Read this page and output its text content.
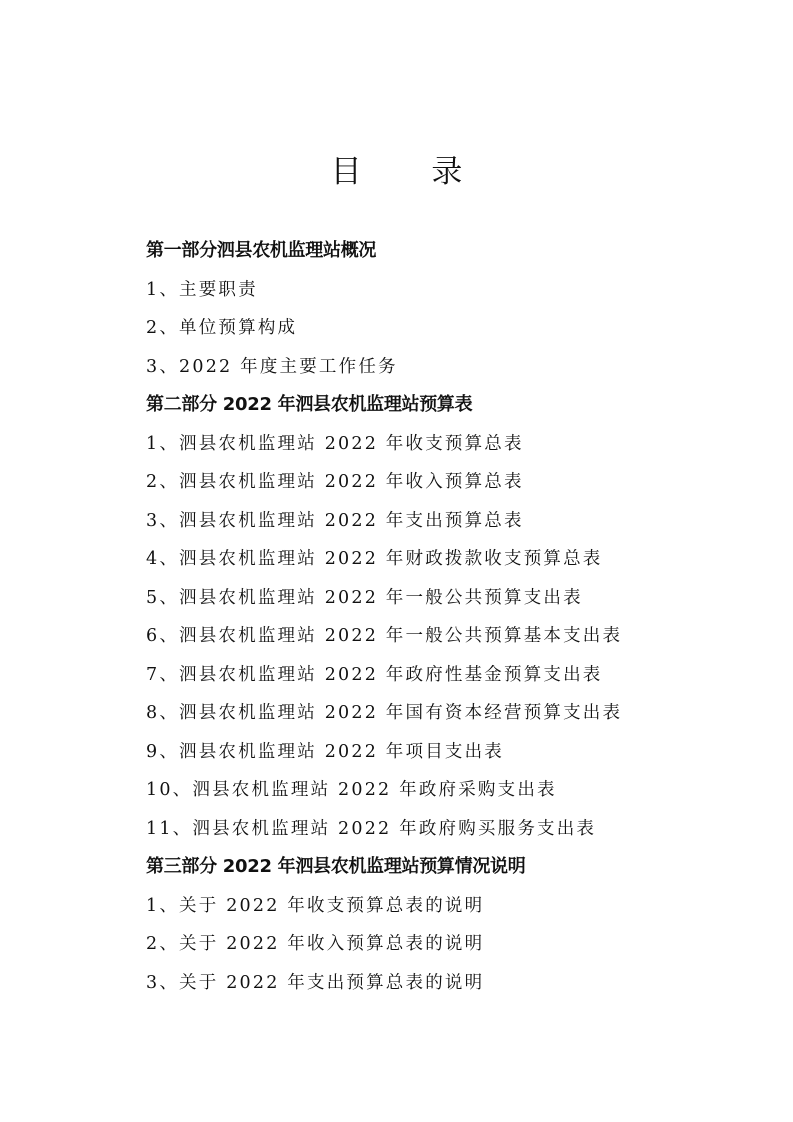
目 录
第一部分泗县农机监理站概况
1、主要职责
2、单位预算构成
3、2022 年度主要工作任务
第二部分 2022 年泗县农机监理站预算表
1、泗县农机监理站 2022 年收支预算总表
2、泗县农机监理站 2022 年收入预算总表
3、泗县农机监理站 2022 年支出预算总表
4、泗县农机监理站 2022 年财政拨款收支预算总表
5、泗县农机监理站 2022 年一般公共预算支出表
6、泗县农机监理站 2022 年一般公共预算基本支出表
7、泗县农机监理站 2022 年政府性基金预算支出表
8、泗县农机监理站 2022 年国有资本经营预算支出表
9、泗县农机监理站 2022 年项目支出表
10、泗县农机监理站 2022 年政府采购支出表
11、泗县农机监理站 2022 年政府购买服务支出表
第三部分 2022 年泗县农机监理站预算情况说明
1、关于 2022 年收支预算总表的说明
2、关于 2022 年收入预算总表的说明
3、关于 2022 年支出预算总表的说明
